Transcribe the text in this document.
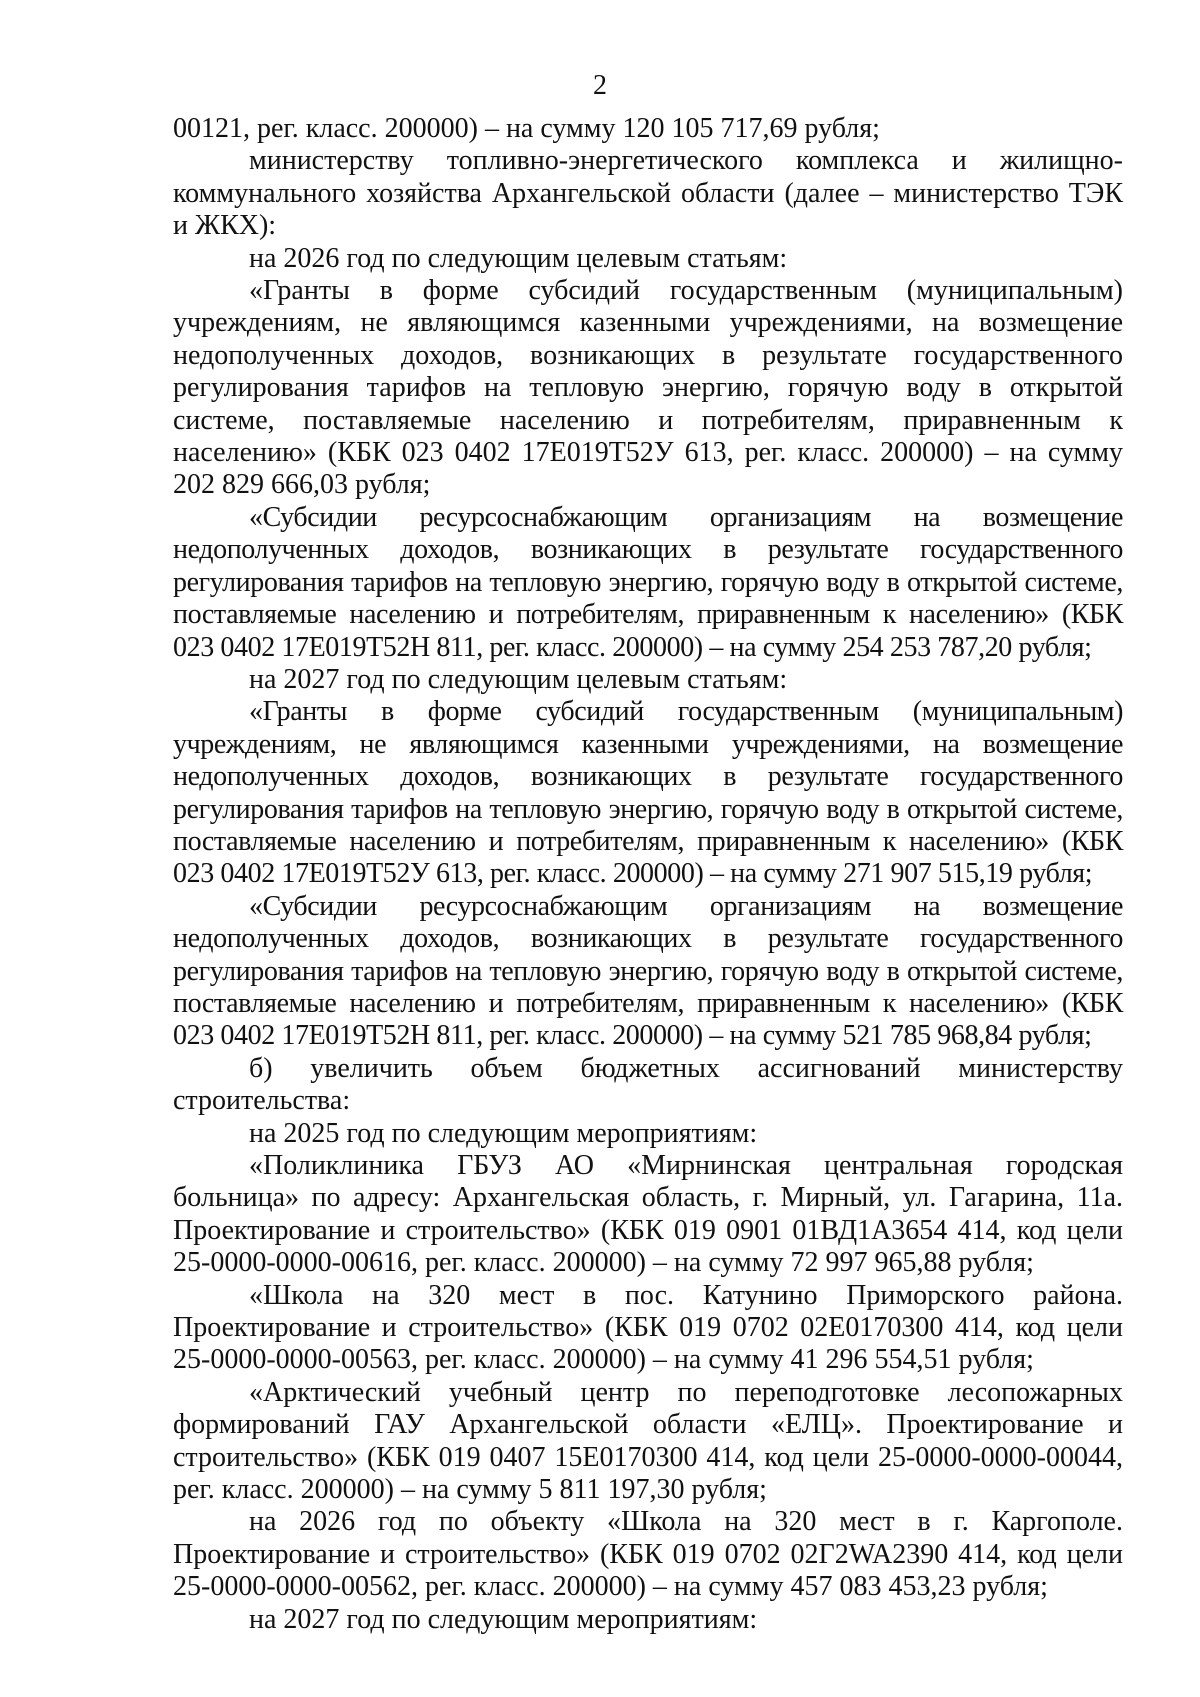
2

00121, рег. класс. 200000) – на сумму 120 105 717,69 рубля;

министерству топливно-энергетического комплекса и жилищно-коммунального хозяйства Архангельской области (далее – министерство ТЭК и ЖКХ):

на 2026 год по следующим целевым статьям:

«Гранты в форме субсидий государственным (муниципальным) учреждениям, не являющимся казенными учреждениями, на возмещение недополученных доходов, возникающих в результате государственного регулирования тарифов на тепловую энергию, горячую воду в открытой системе, поставляемые населению и потребителям, приравненным к населению» (КБК 023 0402 17Е019Т52У 613, рег. класс. 200000) – на сумму 202 829 666,03 рубля;

«Субсидии ресурсоснабжающим организациям на возмещение недополученных доходов, возникающих в результате государственного регулирования тарифов на тепловую энергию, горячую воду в открытой системе, поставляемые населению и потребителям, приравненным к населению» (КБК 023 0402 17Е019Т52Н 811, рег. класс. 200000) – на сумму 254 253 787,20 рубля;

на 2027 год по следующим целевым статьям:

«Гранты в форме субсидий государственным (муниципальным) учреждениям, не являющимся казенными учреждениями, на возмещение недополученных доходов, возникающих в результате государственного регулирования тарифов на тепловую энергию, горячую воду в открытой системе, поставляемые населению и потребителям, приравненным к населению» (КБК 023 0402 17Е019Т52У 613, рег. класс. 200000) – на сумму 271 907 515,19 рубля;

«Субсидии ресурсоснабжающим организациям на возмещение недополученных доходов, возникающих в результате государственного регулирования тарифов на тепловую энергию, горячую воду в открытой системе, поставляемые населению и потребителям, приравненным к населению» (КБК 023 0402 17Е019Т52Н 811, рег. класс. 200000) – на сумму 521 785 968,84 рубля;

б) увеличить объем бюджетных ассигнований министерству строительства:

на 2025 год по следующим мероприятиям:

«Поликлиника ГБУЗ АО «Мирнинская центральная городская больница» по адресу: Архангельская область, г. Мирный, ул. Гагарина, 11а. Проектирование и строительство» (КБК 019 0901 01ВД1А3654 414, код цели 25-0000-0000-00616, рег. класс. 200000) – на сумму 72 997 965,88 рубля;

«Школа на 320 мест в пос. Катунино Приморского района. Проектирование и строительство» (КБК 019 0702 02Е0170300 414, код цели 25-0000-0000-00563, рег. класс. 200000) – на сумму 41 296 554,51 рубля;

«Арктический учебный центр по переподготовке лесопожарных формирований ГАУ Архангельской области «ЕЛЦ». Проектирование и строительство» (КБК 019 0407 15Е0170300 414, код цели 25-0000-0000-00044, рег. класс. 200000) – на сумму 5 811 197,30 рубля;

на 2026 год по объекту «Школа на 320 мест в г. Каргополе. Проектирование и строительство» (КБК 019 0702 02Г2WA2390 414, код цели 25-0000-0000-00562, рег. класс. 200000) – на сумму 457 083 453,23 рубля;

на 2027 год по следующим мероприятиям:
